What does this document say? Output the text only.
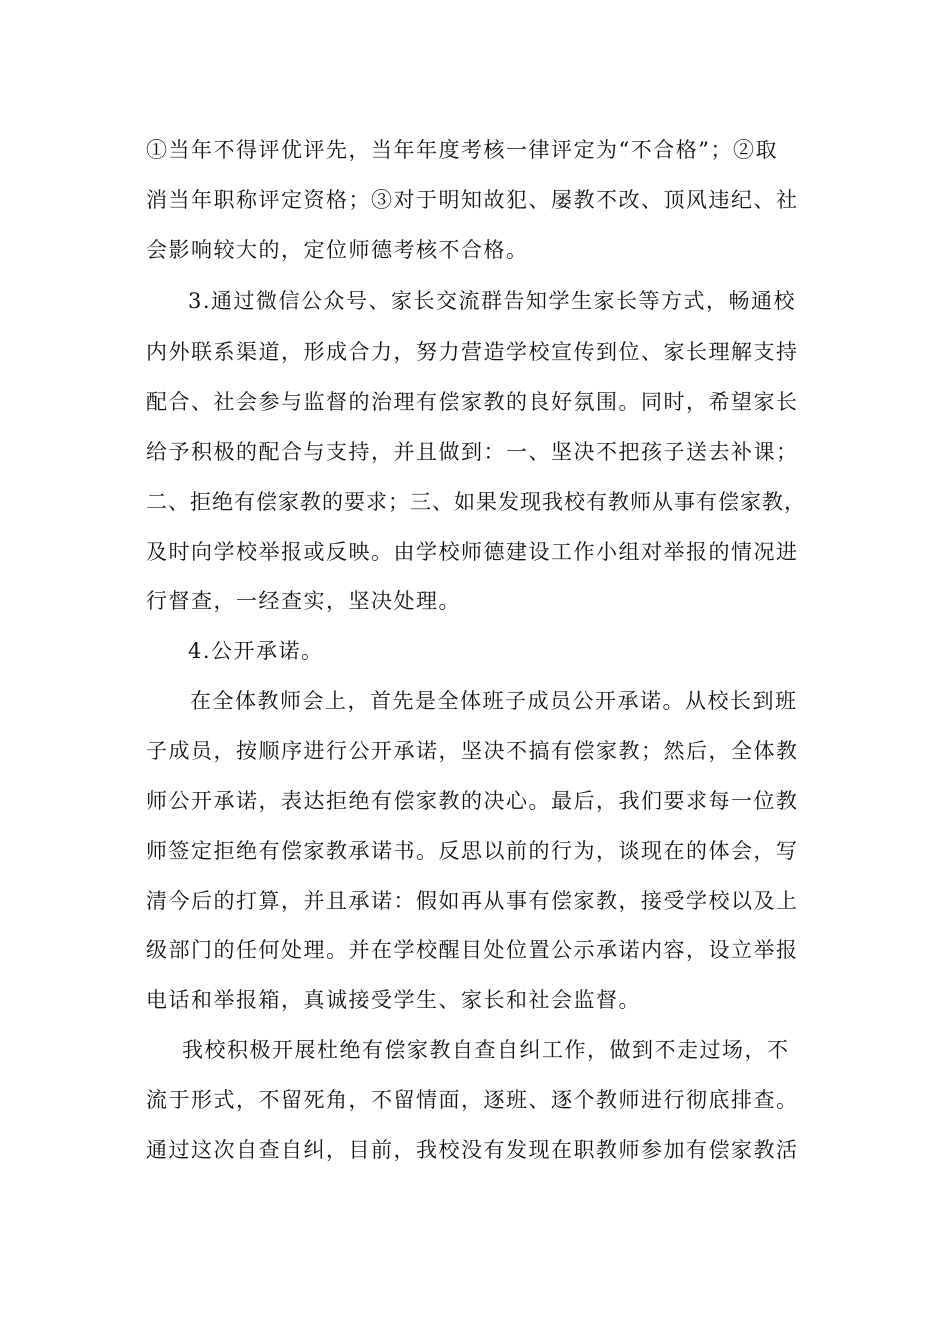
①当年不得评优评先，当年年度考核一律评定为“不合格”；②取
消当年职称评定资格；③对于明知故犯、屡教不改、顶风违纪、社
会影响较大的，定位师德考核不合格。
3.通过微信公众号、家长交流群告知学生家长等方式，畅通校
内外联系渠道，形成合力，努力营造学校宣传到位、家长理解支持
配合、社会参与监督的治理有偿家教的良好氛围。同时，希望家长
给予积极的配合与支持，并且做到：一、坚决不把孩子送去补课；
二、拒绝有偿家教的要求；三、如果发现我校有教师从事有偿家教，
及时向学校举报或反映。由学校师德建设工作小组对举报的情况进
行督查，一经查实，坚决处理。
4.公开承诺。
在全体教师会上，首先是全体班子成员公开承诺。从校长到班
子成员，按顺序进行公开承诺，坚决不搞有偿家教；然后，全体教
师公开承诺，表达拒绝有偿家教的决心。最后，我们要求每一位教
师签定拒绝有偿家教承诺书。反思以前的行为，谈现在的体会，写
清今后的打算，并且承诺：假如再从事有偿家教，接受学校以及上
级部门的任何处理。并在学校醒目处位置公示承诺内容，设立举报
电话和举报箱，真诚接受学生、家长和社会监督。
我校积极开展杜绝有偿家教自查自纠工作，做到不走过场，不
流于形式，不留死角，不留情面，逐班、逐个教师进行彻底排查。
通过这次自查自纠，目前，我校没有发现在职教师参加有偿家教活
